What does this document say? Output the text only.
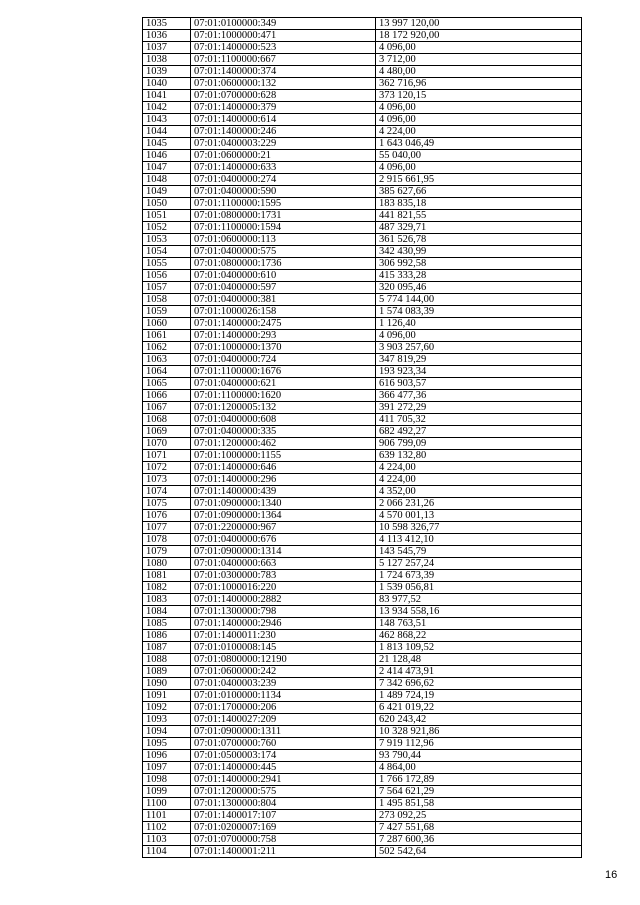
1035	07:01:0100000:349	13 997 120,00
1036	07:01:1000000:471	18 172 920,00
1037	07:01:1400000:523	4 096,00
1038	07:01:1100000:667	3 712,00
1039	07:01:1400000:374	4 480,00
1040	07:01:0600000:132	362 716,96
1041	07:01:0700000:628	373 120,15
1042	07:01:1400000:379	4 096,00
1043	07:01:1400000:614	4 096,00
1044	07:01:1400000:246	4 224,00
1045	07:01:0400003:229	1 643 046,49
1046	07:01:0600000:21	55 040,00
1047	07:01:1400000:633	4 096,00
1048	07:01:0400000:274	2 915 661,95
1049	07:01:0400000:590	385 627,66
1050	07:01:1100000:1595	183 835,18
1051	07:01:0800000:1731	441 821,55
1052	07:01:1100000:1594	487 329,71
1053	07:01:0600000:113	361 526,78
1054	07:01:0400000:575	342 430,99
1055	07:01:0800000:1736	306 992,58
1056	07:01:0400000:610	415 333,28
1057	07:01:0400000:597	320 095,46
1058	07:01:0400000:381	5 774 144,00
1059	07:01:1000026:158	1 574 083,39
1060	07:01:1400000:2475	1 126,40
1061	07:01:1400000:293	4 096,00
1062	07:01:1000000:1370	3 903 257,60
1063	07:01:0400000:724	347 819,29
1064	07:01:1100000:1676	193 923,34
1065	07:01:0400000:621	616 903,57
1066	07:01:1100000:1620	366 477,36
1067	07:01:1200005:132	391 272,29
1068	07:01:0400000:608	411 705,32
1069	07:01:0400000:335	682 492,27
1070	07:01:1200000:462	906 799,09
1071	07:01:1000000:1155	639 132,80
1072	07:01:1400000:646	4 224,00
1073	07:01:1400000:296	4 224,00
1074	07:01:1400000:439	4 352,00
1075	07:01:0900000:1340	2 066 231,26
1076	07:01:0900000:1364	4 570 001,13
1077	07:01:2200000:967	10 598 326,77
1078	07:01:0400000:676	4 113 412,10
1079	07:01:0900000:1314	143 545,79
1080	07:01:0400000:663	5 127 257,24
1081	07:01:0300000:783	1 724 673,39
1082	07:01:1000016:220	1 539 056,81
1083	07:01:1400000:2882	83 977,52
1084	07:01:1300000:798	13 934 558,16
1085	07:01:1400000:2946	148 763,51
1086	07:01:1400011:230	462 868,22
1087	07:01:0100008:145	1 813 109,52
1088	07:01:0800000:12190	21 128,48
1089	07:01:0600000:242	2 414 473,91
1090	07:01:0400003:239	7 342 696,62
1091	07:01:0100000:1134	1 489 724,19
1092	07:01:1700000:206	6 421 019,22
1093	07:01:1400027:209	620 243,42
1094	07:01:0900000:1311	10 328 921,86
1095	07:01:0700000:760	7 919 112,96
1096	07:01:0500003:174	93 790,44
1097	07:01:1400000:445	4 864,00
1098	07:01:1400000:2941	1 766 172,89
1099	07:01:1200000:575	7 564 621,29
1100	07:01:1300000:804	1 495 851,58
1101	07:01:1400017:107	273 092,25
1102	07:01:0200007:169	7 427 551,68
1103	07:01:0700000:758	7 287 600,36
1104	07:01:1400001:211	502 542,64
16
